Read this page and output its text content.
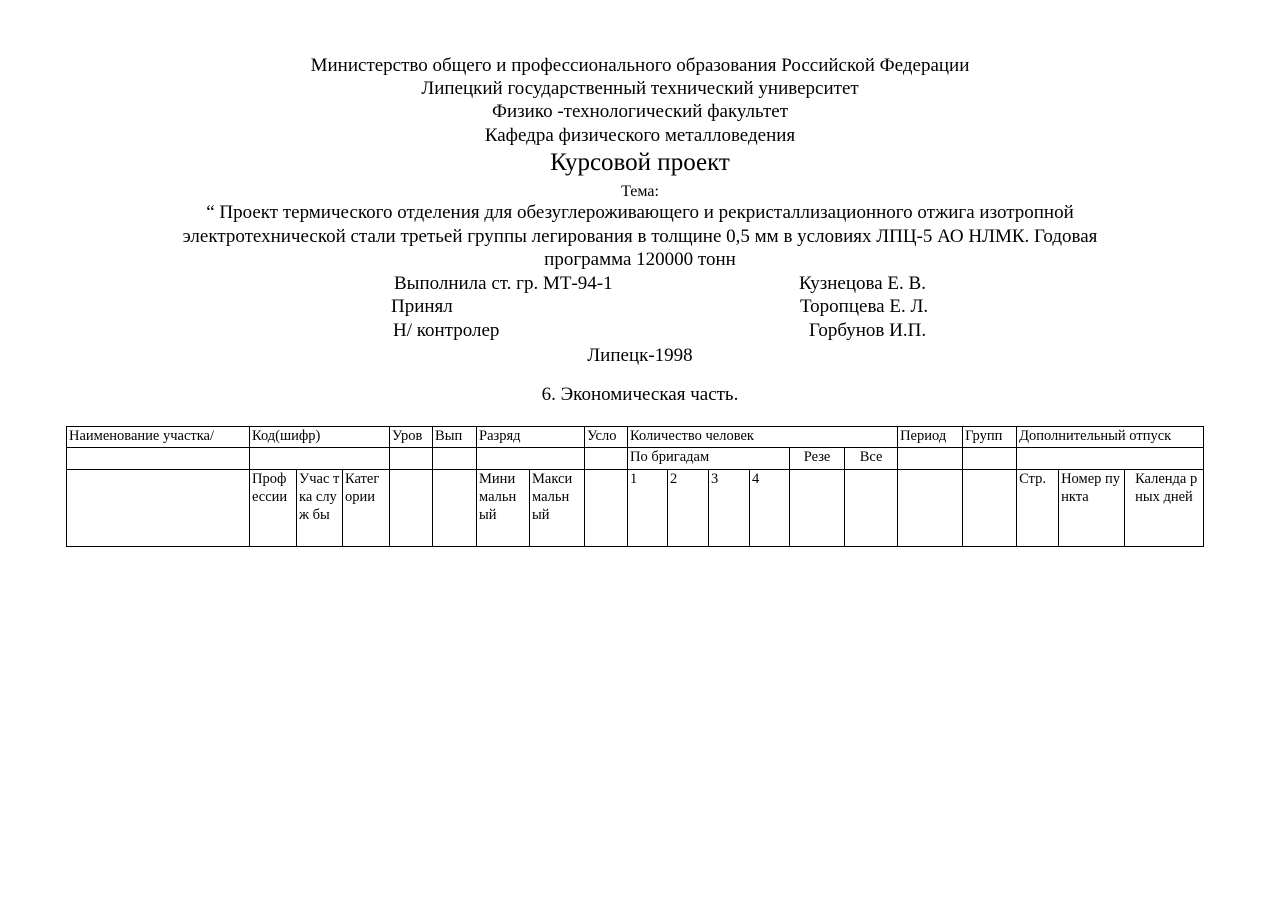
Министерство общего и профессионального образования Российской Федерации
Липецкий государственный технический университет
Физико -технологический факультет
Кафедра физического металловедения
Курсовой проект
Тема:
“ Проект термического отделения для обезуглероживающего и рекристаллизационного отжига изотропной
электротехнической стали третьей группы легирования в толщине 0,5 мм в условиях ЛПЦ-5 АО НЛМК. Годовая
программа 120000 тонн
Выполнила ст. гр. МТ-94-1	Кузнецова Е. В.
Принял	Торопцева Е. Л.
Н/ контролер	Горбунов И.П.
Липецк-1998
6. Экономическая часть.
Наименование участка/	Код(шифр)			Уров	Вып	Разряд		Усло	Количество человек						Период	Групп	Дополнительный отпуск		
									По бригадам				Резе	Все					
	Проф ессии	Учас тка служ бы	Катег ории			Мини мальн ый	Макси мальн ый		1	2	3	4					Стр.	Номер пункта	Календа рных дней
